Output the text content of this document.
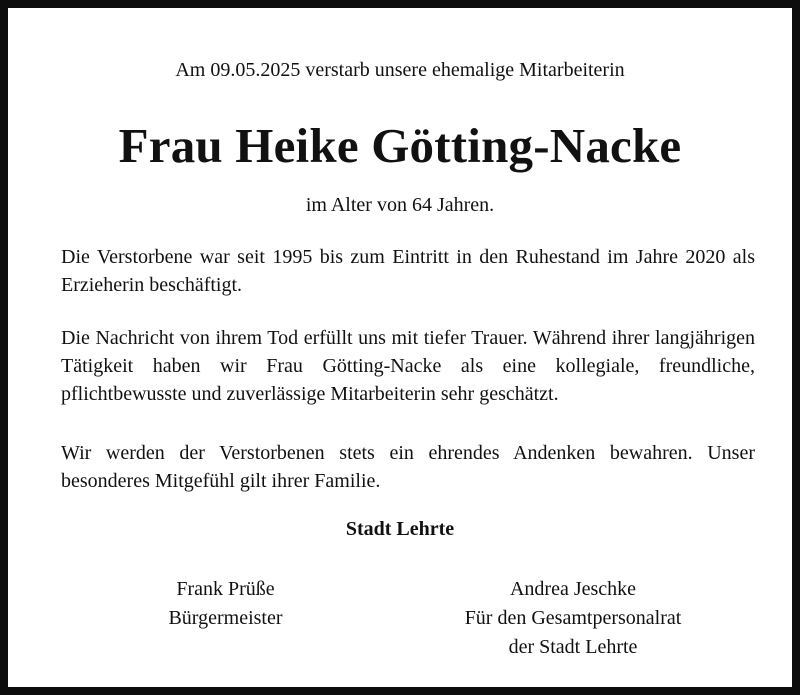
Am 09.05.2025 verstarb unsere ehemalige Mitarbeiterin
Frau Heike Götting-Nacke
im Alter von 64 Jahren.

Die Verstorbene war seit 1995 bis zum Eintritt in den Ruhestand im Jahre 2020 als Erzieherin beschäftigt.

Die Nachricht von ihrem Tod erfüllt uns mit tiefer Trauer. Während ihrer langjährigen Tätigkeit haben wir Frau Götting-Nacke als eine kollegiale, freundliche, pflichtbewusste und zuverlässige Mitarbeiterin sehr geschätzt.

Wir werden der Verstorbenen stets ein ehrendes Andenken bewahren. Unser besonderes Mitgefühl gilt ihrer Familie.

Stadt Lehrte
Frank Prüße
Bürgermeister
Andrea Jeschke
Für den Gesamtpersonalrat
der Stadt Lehrte
